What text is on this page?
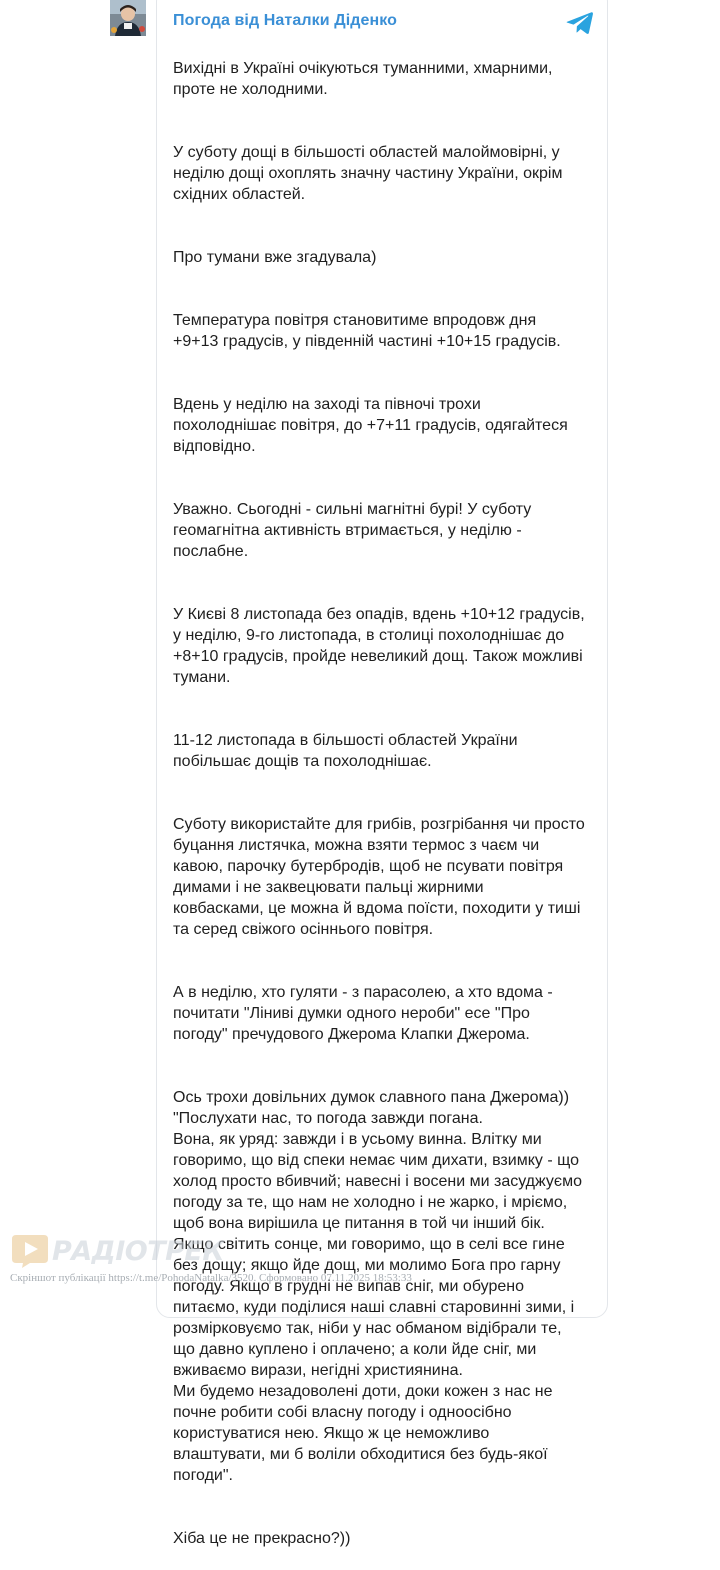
Погода від Наталки Діденко

Вихідні в Україні очікуються туманними, хмарними,
проте не холодними.

У суботу дощі в більшості областей малоймовірні, у
неділю дощі охоплять значну частину України, окрім
східних областей.

Про тумани вже згадувала)

Температура повітря становитиме впродовж дня
+9+13 градусів, у південній частині +10+15 градусів.

Вдень у неділю на заході та півночі трохи
похолоднішає повітря, до +7+11 градусів, одягайтеся
відповідно.

Уважно. Сьогодні - сильні магнітні бурі! У суботу
геомагнітна активність втримається, у неділю -
послабне.

У Києві 8 листопада без опадів, вдень +10+12 градусів,
у неділю, 9-го листопада, в столиці похолоднішає до
+8+10 градусів, пройде невеликий дощ. Також можливі
тумани.

11-12 листопада в більшості областей України
побільшає дощів та похолоднішає.

Суботу використайте для грибів, розгрібання чи просто
буцання листячка, можна взяти термос з чаєм чи
кавою, парочку бутербродів, щоб не псувати повітря
димами і не заквецювати пальці жирними
ковбасками, це можна й вдома поїсти, походити у тиші
та серед свіжого осіннього повітря.

А в неділю, хто гуляти - з парасолею, а хто вдома -
почитати "Ліниві думки одного нероби" есе "Про
погоду" пречудового Джерома Клапки Джерома.

Ось трохи довільних думок славного пана Джерома))
"Послухати нас, то погода завжди погана.
Вона, як уряд: завжди і в усьому винна. Влітку ми
говоримо, що від спеки немає чим дихати, взимку - що
холод просто вбивчий; навесні і восени ми засуджуємо
погоду за те, що нам не холодно і не жарко, і мріємо,
щоб вона вирішила це питання в той чи інший бік.
Якщо світить сонце, ми говоримо, що в селі все гине
без дощу; якщо йде дощ, ми молимо Бога про гарну
погоду. Якщо в грудні не випав сніг, ми обурено
питаємо, куди поділися наші славні старовинні зими, і
розмірковуємо так, ніби у нас обманом відібрали те,
що давно куплено і оплачено; а коли йде сніг, ми
вживаємо вирази, негідні християнина.
Ми будемо незадоволені доти, доки кожен з нас не
почне робити собі власну погоду і одноосібно
користуватися нею. Якщо ж це неможливо
влаштувати, ми б воліли обходитися без будь-якої
погоди".

Хіба це не прекрасно?))

РАДІОТРЕК
Скріншот публікації https://t.me/PohodaNatalka/3520. Сформовано 07.11.2025 18:53:33
